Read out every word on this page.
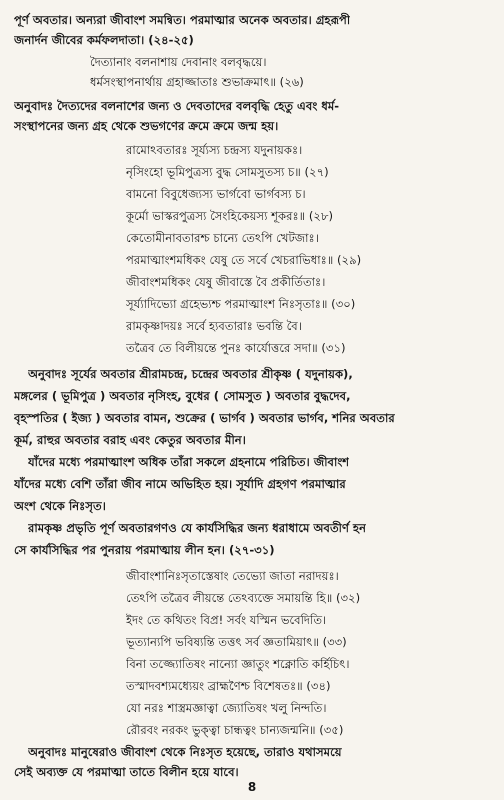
পূর্ণ অবতার। অন্যরা জীবাংশ সমন্বিত। পরমাত্মার অনেক অবতার। গ্রহরূপী
জনার্দন জীবের কর্মফলদাতা। (২৪-২৫)
দৈত্যানাং বলনাশায় দেবানাং বলবৃদ্ধয়ে।
ধর্মসংস্থাপনার্থায় গ্রহাজ্জাতাঃ শুভাক্রমাৎ॥ (২৬)
অনুবাদঃ দৈত্যদের বলনাশের জন্য ও দেবতাদের বলবৃদ্ধি হেতু এবং ধর্ম-
সংস্থাপনের জন্য গ্রহ থেকে শুভগণের ক্রমে ক্রমে জন্ম হয়।
রামোঽবতারঃ সূর্য্যস্য চন্দ্রস্য যদুনায়কঃ।
নৃসিংহো ভূমিপুত্রস্য বুদ্ধ সোমসুতস্য চ॥ (২৭)
বামনো বিবুধেজ্যস্য ভার্গবো ভার্গবস্য চ।
কূর্মো ভাস্করপুত্রস্য সৈংহিকেয়স্য শূকরঃ॥ (২৮)
কেতোমীনাবতারশ্চ চান্যে তেঽপি খেটজাঃ।
পরমাত্মাংশমধিকং যেষু তে সর্বে খেচরাভিধাঃ॥ (২৯)
জীবাংশমধিকং যেষু জীবাস্তে বৈ প্রকীর্তিতাঃ।
সূর্য্যাদিভ্যো গ্রহেভ্যশ্চ পরমাত্মাংশ নিঃসৃতাঃ॥ (৩০)
রামকৃষ্ণাদয়ঃ সর্বে হ্যবতারাঃ ভবন্তি বৈ।
তত্রৈব তে বিলীয়ন্তে পুনঃ কার্যোত্তরে সদা॥ (৩১)
অনুবাদঃ সূর্যের অবতার শ্রীরামচন্দ্র, চন্দ্রের অবতার শ্রীকৃষ্ণ ( যদুনায়ক),
মঙ্গলের ( ভূমিপুত্র ) অবতার নৃসিংহ, বুধের ( সোমসুত ) অবতার বুদ্ধদেব,
বৃহস্পতির ( ইজ্য ) অবতার বামন, শুক্রের ( ভার্গব ) অবতার ভার্গব, শনির অবতার
কূর্ম, রাহুর অবতার বরাহ এবং কেতুর অবতার মীন।
যাঁদের মধ্যে পরমাত্মাংশ অধিক তাঁরা সকলে গ্রহনামে পরিচিত। জীবাংশ
যাঁদের মধ্যে বেশি তাঁরা জীব নামে অভিহিত হয়। সূর্যাদি গ্রহগণ পরমাত্মার
অংশ থেকে নিঃসৃত।
রামকৃষ্ণ প্রভৃতি পূর্ণ অবতারগণও যে কার্যসিদ্ধির জন্য ধরাধামে অবতীর্ণ হন
সে কার্যসিদ্ধির পর পুনরায় পরমাত্মায় লীন হন। (২৭-৩১)
জীবাংশানিঃসৃতাস্তেষাং তেভ্যো জাতা নরাদয়ঃ।
তেঽপি তত্রৈব লীয়ন্তে তেঽব্যক্তে সমায়ন্তি হি॥ (৩২)
ইদং তে কথিতং বিপ্র! সর্বং যস্মিন ভবেদিতি।
ভূত্যান্যপি ভবিষ্যন্তি তত্তৎ সর্ব জ্ঞতামিয়াৎ॥ (৩৩)
বিনা তজ্জ্যোতিষং নান্যো জ্ঞাতুং শক্নোতি কর্হিচিৎ।
তস্মাদবশ্যমধ্যেয়ং ব্রাহ্মণৈশ্চ বিশেষতঃ॥ (৩৪)
যো নরঃ শাস্ত্রমজ্ঞাত্বা জ্যোতিষং খলু নিন্দতি।
রৌরবং নরকং ভুক্ত্বা চান্ধত্বং চান্যজন্মনি॥ (৩৫)
অনুবাদঃ মানুষেরাও জীবাংশ থেকে নিঃসৃত হয়েছে, তারাও যথাসময়ে
সেই অব্যক্ত যে পরমাত্মা তাতে বিলীন হয়ে যাবে।
8
